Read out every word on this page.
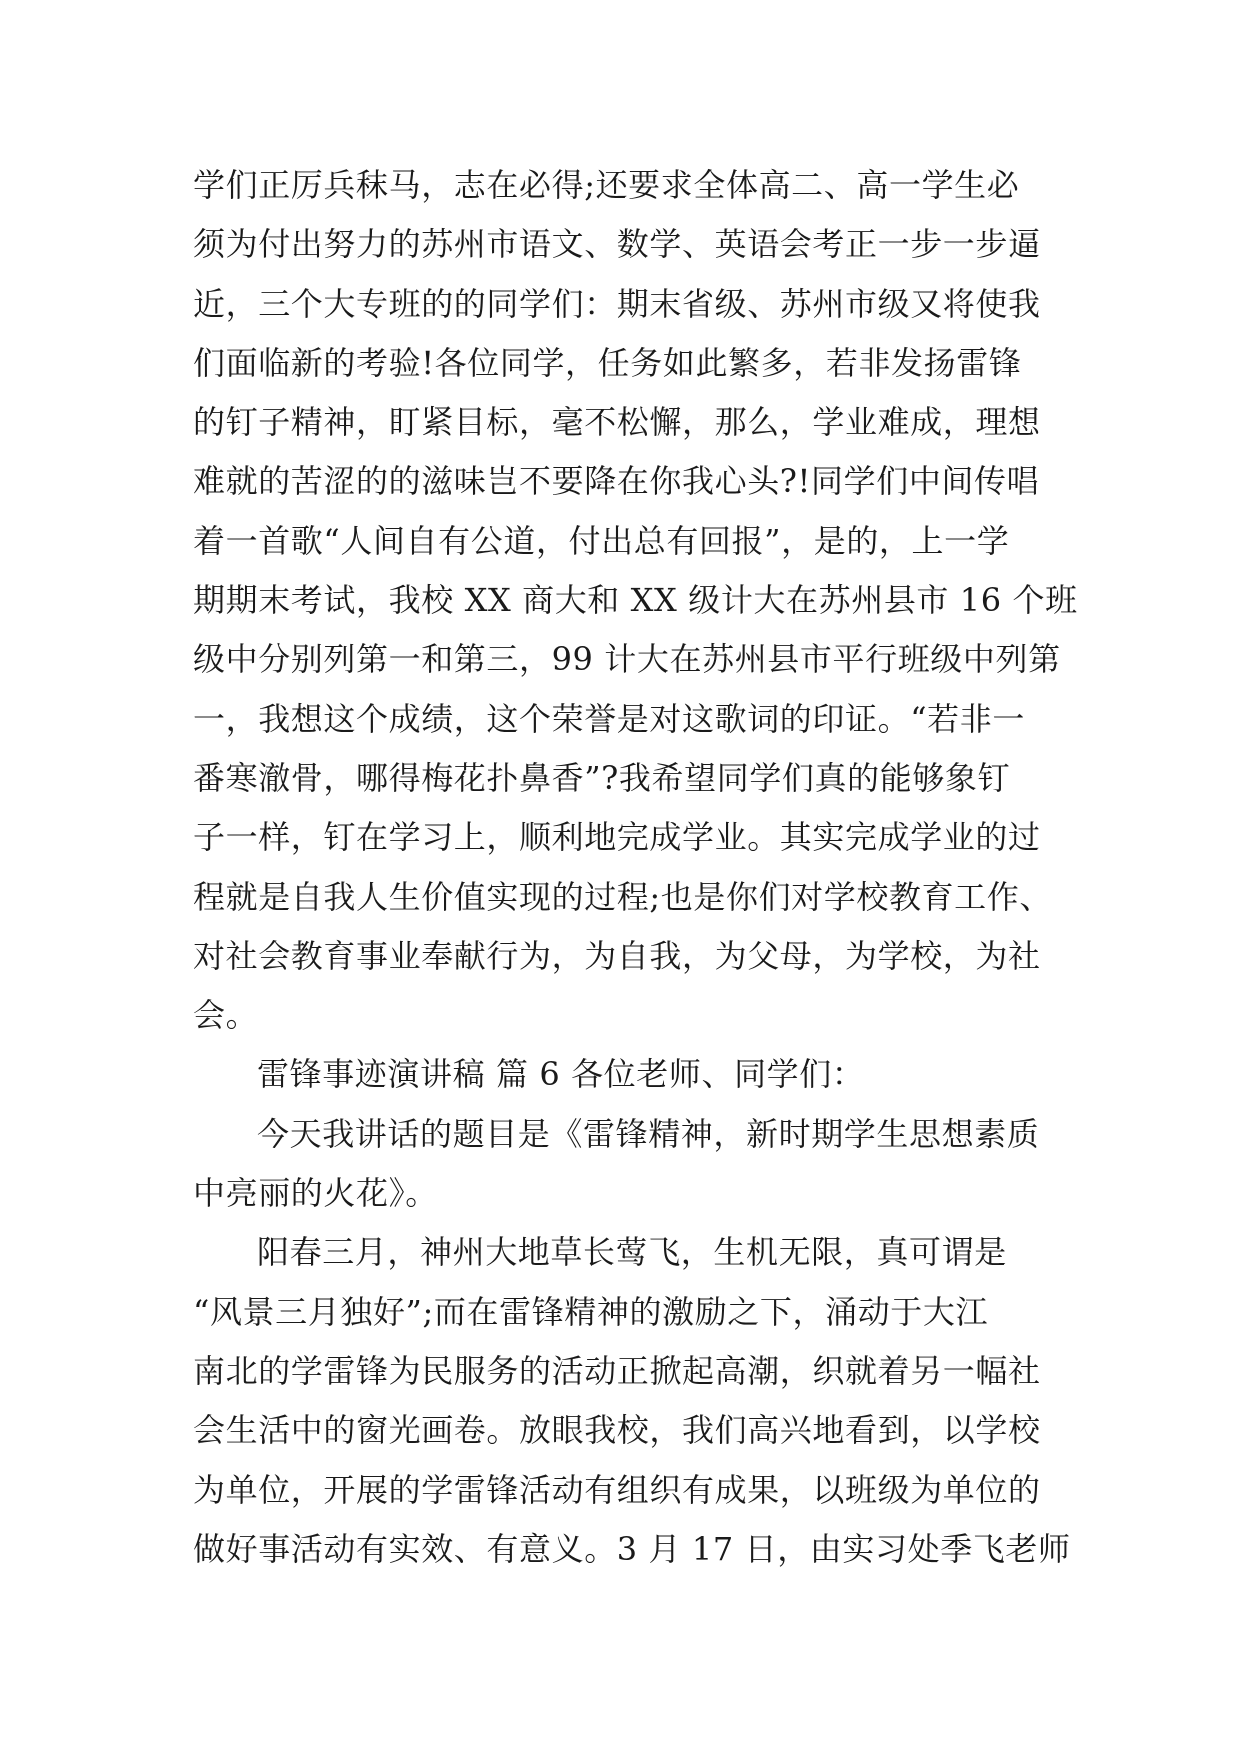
学们正厉兵秣马，志在必得;还要求全体高二、高一学生必
须为付出努力的苏州市语文、数学、英语会考正一步一步逼
近，三个大专班的的同学们：期末省级、苏州市级又将使我
们面临新的考验!各位同学，任务如此繁多，若非发扬雷锋
的钉子精神，盯紧目标，毫不松懈，那么，学业难成，理想
难就的苦涩的的滋味岂不要降在你我心头?!同学们中间传唱
着一首歌“人间自有公道，付出总有回报”，是的，上一学
期期末考试，我校 XX 商大和 XX 级计大在苏州县市 16 个班
级中分别列第一和第三，99 计大在苏州县市平行班级中列第
一，我想这个成绩，这个荣誉是对这歌词的印证。“若非一
番寒澈骨，哪得梅花扑鼻香”?我希望同学们真的能够象钉
子一样，钉在学习上，顺利地完成学业。其实完成学业的过
程就是自我人生价值实现的过程;也是你们对学校教育工作、
对社会教育事业奉献行为，为自我，为父母，为学校，为社
会。
雷锋事迹演讲稿 篇 6 各位老师、同学们：
今天我讲话的题目是《雷锋精神，新时期学生思想素质
中亮丽的火花》。
阳春三月，神州大地草长莺飞，生机无限，真可谓是
“风景三月独好”;而在雷锋精神的激励之下，涌动于大江
南北的学雷锋为民服务的活动正掀起高潮，织就着另一幅社
会生活中的窗光画卷。放眼我校，我们高兴地看到，以学校
为单位，开展的学雷锋活动有组织有成果，以班级为单位的
做好事活动有实效、有意义。3 月 17 日，由实习处季飞老师
